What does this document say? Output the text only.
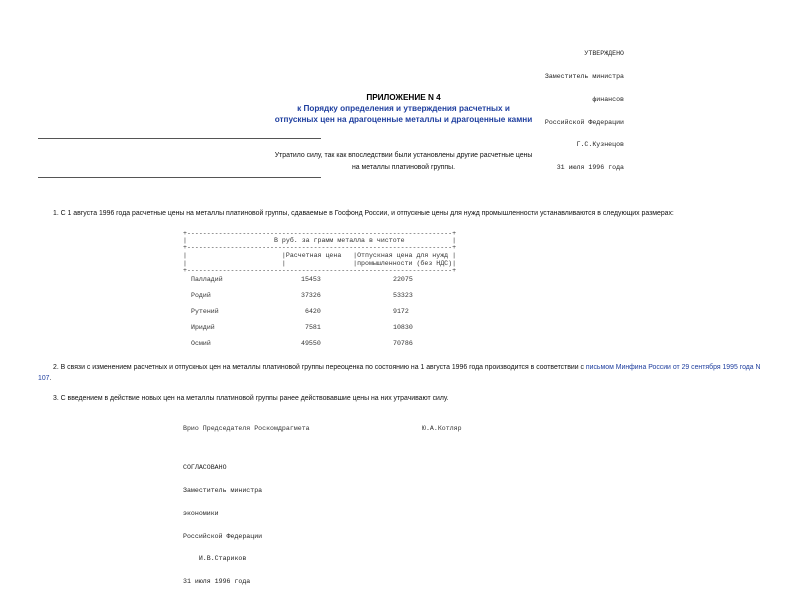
УТВЕРЖДЕНО

Заместитель министра

финансов

Российской Федерации

Г.С.Кузнецов

31 июля 1996 года

ПРИЛОЖЕНИЕ N 4
к Порядку определения и утверждения расчетных и
отпускных цен на драгоценные металлы и драгоценные камни
Утратило силу, так как впоследствии были установлены другие расчетные цены
на металлы платиновой группы.
1. С 1 августа 1996 года расчетные цены на металлы платиновой группы, сдаваемые в Госфонд России, и отпускные цены для нужд промышленности устанавливаются в следующих размерах:
+-------------------------------------------------------------------+
|                      В руб. за грамм металла в чистоте            |
+-------------------------------------------------------------------+
|                        |Расчетная цена   |Отпускная цена для нужд |
|                        |                 |промышленности (без НДС)|
+-------------------------------------------------------------------+
Палладий	15453	22075
Родий	37326	53323
Рутений	6420	9172
Иридий	7581	10830
Осмий	49550	70786
2. В связи с изменением расчетных и отпускных цен на металлы платиновой группы переоценка по состоянию на 1 августа 1996 года производится в соответствии с письмом Минфина России от 29 сентября 1995 года N 107.
3. С введением в действие новых цен на металлы платиновой группы ранее действовавшие цены на них утрачивают силу.
Врио Председателя Роскомдрагмета	Ю.А.Котляр

СОГЛАСОВАНО

Заместитель министра

экономики

Российской Федерации

И.В.Стариков

31 июля 1996 года
